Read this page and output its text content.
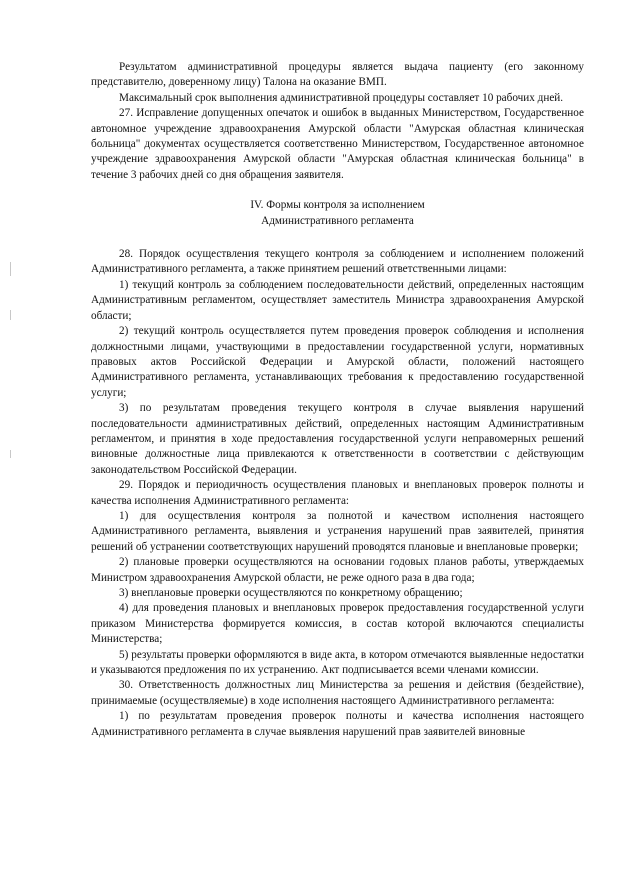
Результатом административной процедуры является выдача пациенту (его законному представителю, доверенному лицу) Талона на оказание ВМП.

Максимальный срок выполнения административной процедуры составляет 10 рабочих дней.

27. Исправление допущенных опечаток и ошибок в выданных Министерством, Государственное автономное учреждение здравоохранения Амурской области "Амурская областная клиническая больница" документах осуществляется соответственно Министерством, Государственное автономное учреждение здравоохранения Амурской области "Амурская областная клиническая больница" в течение 3 рабочих дней со дня обращения заявителя.

IV. Формы контроля за исполнением
Административного регламента

28. Порядок осуществления текущего контроля за соблюдением и исполнением положений Административного регламента, а также принятием решений ответственными лицами:

1) текущий контроль за соблюдением последовательности действий, определенных настоящим Административным регламентом, осуществляет заместитель Министра здравоохранения Амурской области;

2) текущий контроль осуществляется путем проведения проверок соблюдения и исполнения должностными лицами, участвующими в предоставлении государственной услуги, нормативных правовых актов Российской Федерации и Амурской области, положений настоящего Административного регламента, устанавливающих требования к предоставлению государственной услуги;

3) по результатам проведения текущего контроля в случае выявления нарушений последовательности административных действий, определенных настоящим Административным регламентом, и принятия в ходе предоставления государственной услуги неправомерных решений виновные должностные лица привлекаются к ответственности в соответствии с действующим законодательством Российской Федерации.

29. Порядок и периодичность осуществления плановых и внеплановых проверок полноты и качества исполнения Административного регламента:

1) для осуществления контроля за полнотой и качеством исполнения настоящего Административного регламента, выявления и устранения нарушений прав заявителей, принятия решений об устранении соответствующих нарушений проводятся плановые и внеплановые проверки;

2) плановые проверки осуществляются на основании годовых планов работы, утверждаемых Министром здравоохранения Амурской области, не реже одного раза в два года;

3) внеплановые проверки осуществляются по конкретному обращению;

4) для проведения плановых и внеплановых проверок предоставления государственной услуги приказом Министерства формируется комиссия, в состав которой включаются специалисты Министерства;

5) результаты проверки оформляются в виде акта, в котором отмечаются выявленные недостатки и указываются предложения по их устранению. Акт подписывается всеми членами комиссии.

30. Ответственность должностных лиц Министерства за решения и действия (бездействие), принимаемые (осуществляемые) в ходе исполнения настоящего Административного регламента:

1) по результатам проведения проверок полноты и качества исполнения настоящего Административного регламента в случае выявления нарушений прав заявителей виновные
